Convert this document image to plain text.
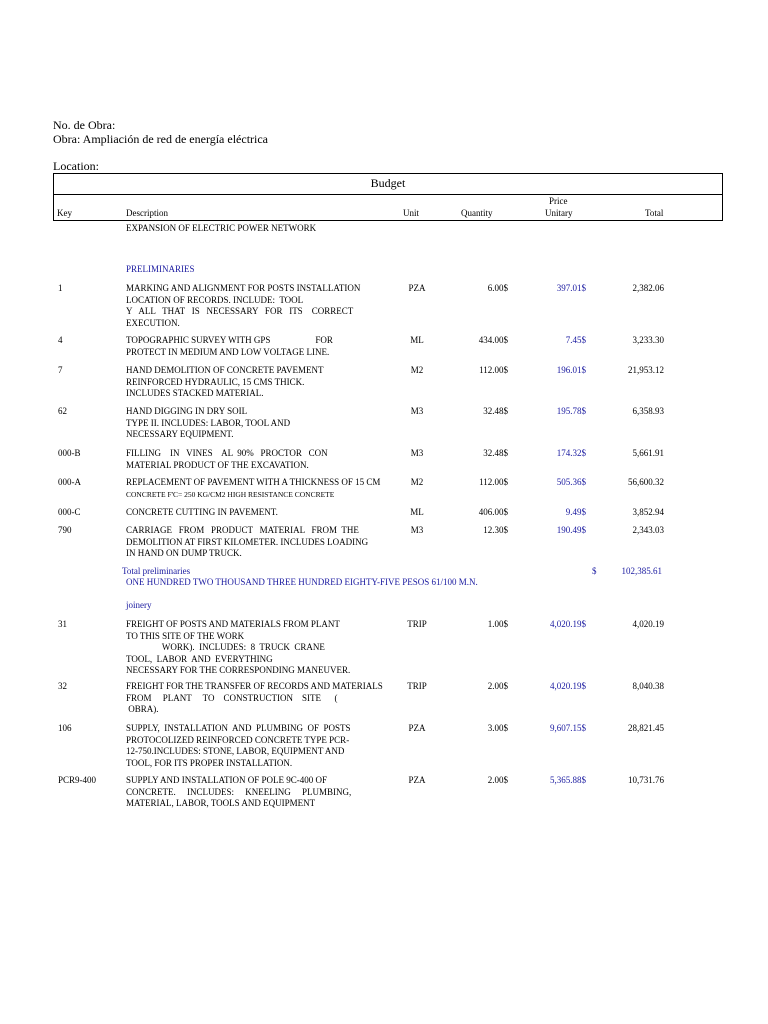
No. de Obra:
Obra: Ampliación de red de energía eléctrica
Location:
Budget
Key	Description	Unit	Quantity
Price
Unitary	Total
EXPANSION OF ELECTRIC POWER NETWORK
PRELIMINARIES
1	MARKING AND ALIGNMENT FOR POSTS INSTALLATION
LOCATION OF RECORDS. INCLUDE:  TOOL
Y   ALL   THAT   IS   NECESSARY   FOR   ITS    CORRECT
EXECUTION.
PZA	6.00$	397.01$	2,382.06
4	TOPOGRAPHIC SURVEY WITH GPS                    FOR
PROTECT IN MEDIUM AND LOW VOLTAGE LINE.
ML	434.00$	7.45$	3,233.30
7	HAND DEMOLITION OF CONCRETE PAVEMENT
REINFORCED HYDRAULIC, 15 CMS THICK.
INCLUDES STACKED MATERIAL.
M2	112.00$	196.01$	21,953.12
62	HAND DIGGING IN DRY SOIL
TYPE II. INCLUDES: LABOR, TOOL AND
NECESSARY EQUIPMENT.
M3	32.48$	195.78$	6,358.93
000-B	FILLING    IN   VINES    AL  90%   PROCTOR   CON
MATERIAL PRODUCT OF THE EXCAVATION.
M3	32.48$	174.32$	5,661.91
000-A	REPLACEMENT OF PAVEMENT WITH A THICKNESS OF 15 CM
CONCRETE F'C= 250 KG/CM2 HIGH RESISTANCE CONCRETE
M2	112.00$	505.36$	56,600.32
000-C	CONCRETE CUTTING IN PAVEMENT.	ML	406.00$	9.49$	3,852.94
790	CARRIAGE   FROM   PRODUCT   MATERIAL   FROM  THE
DEMOLITION AT FIRST KILOMETER. INCLUDES LOADING
IN HAND ON DUMP TRUCK.
M3	12.30$	190.49$	2,343.03
Total preliminaries	$	102,385.61
ONE HUNDRED TWO THOUSAND THREE HUNDRED EIGHTY-FIVE PESOS 61/100 M.N.
joinery
31	FREIGHT OF POSTS AND MATERIALS FROM PLANT
TO THIS SITE OF THE WORK
WORK).  INCLUDES:  8  TRUCK  CRANE
TOOL,  LABOR  AND  EVERYTHING
NECESSARY FOR THE CORRESPONDING MANEUVER.
TRIP	1.00$	4,020.19$	4,020.19
32	FREIGHT FOR THE TRANSFER OF RECORDS AND MATERIALS
FROM     PLANT     TO    CONSTRUCTION    SITE      (
OBRA).
TRIP	2.00$	4,020.19$	8,040.38
106	SUPPLY,  INSTALLATION  AND  PLUMBING  OF  POSTS
PROTOCOLIZED REINFORCED CONCRETE TYPE PCR-
12-750.INCLUDES: STONE, LABOR, EQUIPMENT AND
TOOL, FOR ITS PROPER INSTALLATION.
PZA	3.00$	9,607.15$	28,821.45
PCR9-400	SUPPLY AND INSTALLATION OF POLE 9C-400 OF
CONCRETE.     INCLUDES:     KNEELING     PLUMBING,
MATERIAL, LABOR, TOOLS AND EQUIPMENT
PZA	2.00$	5,365.88$	10,731.76
